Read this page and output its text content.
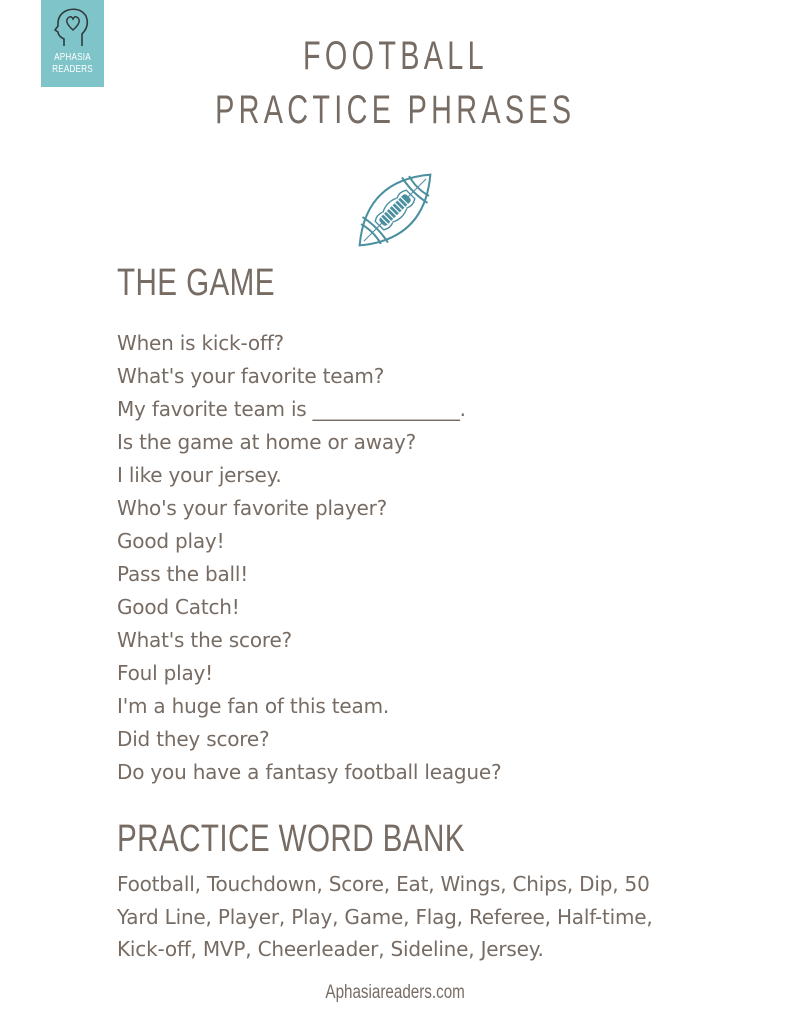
APHASIA
READERS	FOOTBALL
PRACTICE PHRASES
THE GAME
When is kick-off?
What's your favorite team?
My favorite team is _______________.
Is the game at home or away?
I like your jersey.
Who's your favorite player?
Good play!
Pass the ball!
Good Catch!
What's the score?
Foul play!
I'm a huge fan of this team.
Did they score?
Do you have a fantasy football league?
PRACTICE WORD BANK
Football, Touchdown, Score, Eat, Wings, Chips, Dip, 50 Yard Line, Player, Play, Game, Flag, Referee, Half-time, Kick-off, MVP, Cheerleader, Sideline, Jersey.
Aphasiareaders.com
